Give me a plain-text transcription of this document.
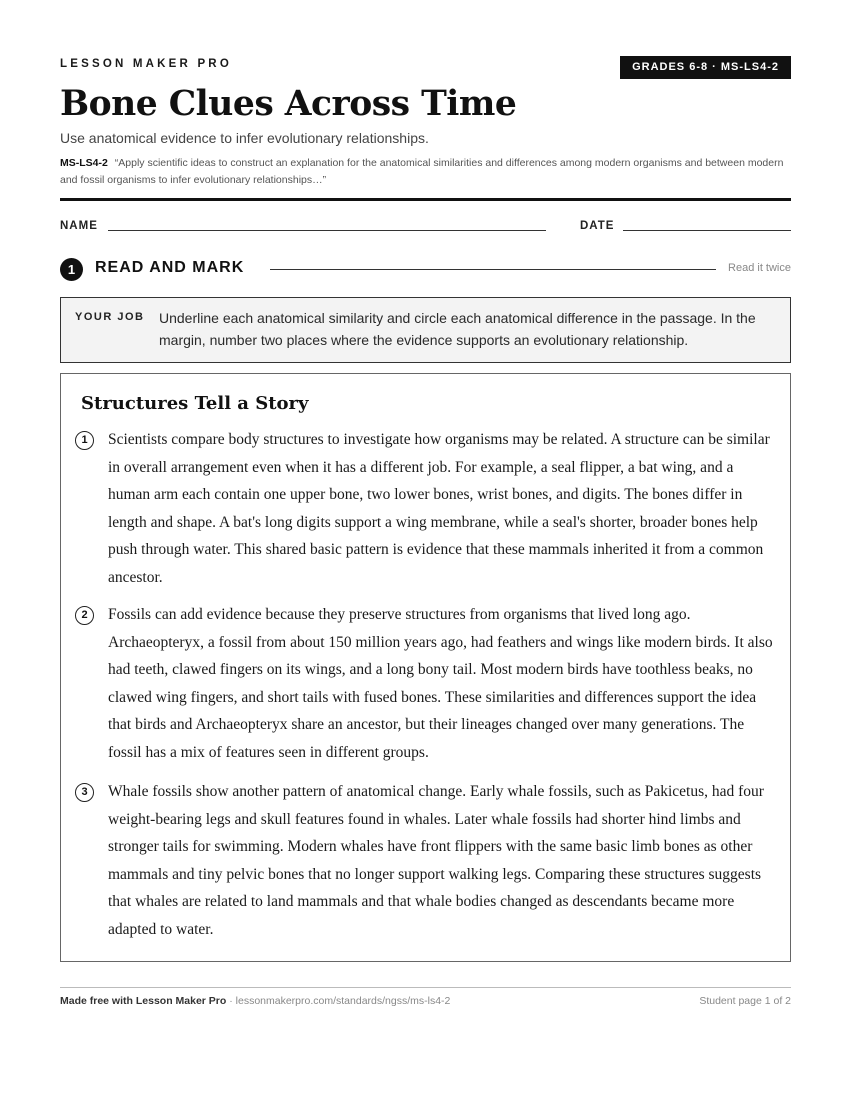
LESSON MAKER PRO	GRADES 6-8 · MS-LS4-2
Bone Clues Across Time
Use anatomical evidence to infer evolutionary relationships.
MS-LS4-2 “Apply scientific ideas to construct an explanation for the anatomical similarities and differences among modern organisms and between modern and fossil organisms to infer evolutionary relationships…”
NAME	DATE
1	READ AND MARK	Read it twice
YOUR JOB Underline each anatomical similarity and circle each anatomical difference in the passage. In the margin, number two places where the evidence supports an evolutionary relationship.
Structures Tell a Story
1	Scientists compare body structures to investigate how organisms may be related. A structure can be similar in overall arrangement even when it has a different job. For example, a seal flipper, a bat wing, and a human arm each contain one upper bone, two lower bones, wrist bones, and digits. The bones differ in length and shape. A bat's long digits support a wing membrane, while a seal's shorter, broader bones help push through water. This shared basic pattern is evidence that these mammals inherited it from a common ancestor.
2	Fossils can add evidence because they preserve structures from organisms that lived long ago. Archaeopteryx, a fossil from about 150 million years ago, had feathers and wings like modern birds. It also had teeth, clawed fingers on its wings, and a long bony tail. Most modern birds have toothless beaks, no clawed wing fingers, and short tails with fused bones. These similarities and differences support the idea that birds and Archaeopteryx share an ancestor, but their lineages changed over many generations. The fossil has a mix of features seen in different groups.
3	Whale fossils show another pattern of anatomical change. Early whale fossils, such as Pakicetus, had four weight-bearing legs and skull features found in whales. Later whale fossils had shorter hind limbs and stronger tails for swimming. Modern whales have front flippers with the same basic limb bones as other mammals and tiny pelvic bones that no longer support walking legs. Comparing these structures suggests that whales are related to land mammals and that whale bodies changed as descendants became more adapted to water.
Made free with Lesson Maker Pro · lessonmakerpro.com/standards/ngss/ms-ls4-2	Student page 1 of 2
